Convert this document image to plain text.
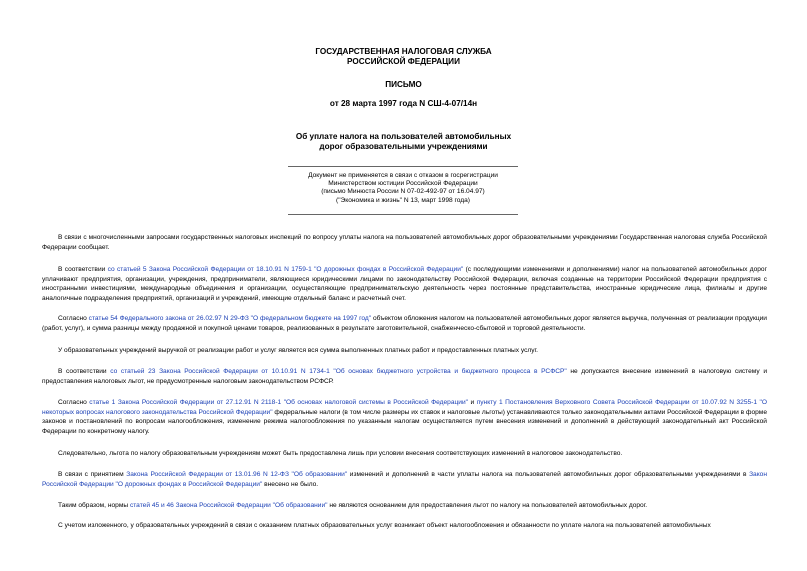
ГОСУДАРСТВЕННАЯ НАЛОГОВАЯ СЛУЖБА
РОССИЙСКОЙ ФЕДЕРАЦИИ
ПИСЬМО
от 28 марта 1997 года N СШ-4-07/14н
Об уплате налога на пользователей автомобильных
дорог образовательными учреждениями
Документ не применяется в связи с отказом в госрегистрации
Министерством юстиции Российской Федерации
(письмо Минюста России N 07-02-492-97 от 16.04.97)
("Экономика и жизнь" N 13, март 1998 года)

В связи с многочисленными запросами государственных налоговых инспекций по вопросу уплаты налога на пользователей автомобильных дорог образовательными учреждениями Государственная налоговая служба Российской Федерации сообщает.

В соответствии со статьей 5 Закона Российской Федерации от 18.10.91 N 1759-1 "О дорожных фондах в Российской Федерации" (с последующими изменениями и дополнениями) налог на пользователей автомобильных дорог уплачивают предприятия, организации, учреждения, предприниматели, являющиеся юридическими лицами по законодательству Российской Федерации, включая созданные на территории Российской Федерации предприятия с иностранными инвестициями, международные объединения и организации, осуществляющие предпринимательскую деятельность через постоянные представительства, иностранные юридические лица, филиалы и другие аналогичные подразделения предприятий, организаций и учреждений, имеющие отдельный баланс и расчетный счет.

Согласно статье 54 Федерального закона от 26.02.97 N 29-ФЗ "О федеральном бюджете на 1997 год" объектом обложения налогом на пользователей автомобильных дорог является выручка, полученная от реализации продукции (работ, услуг), и сумма разницы между продажной и покупной ценами товаров, реализованных в результате заготовительной, снабженческо-сбытовой и торговой деятельности.

У образовательных учреждений выручкой от реализации работ и услуг является вся сумма выполненных платных работ и предоставленных платных услуг.

В соответствии со статьей 23 Закона Российской Федерации от 10.10.91 N 1734-1 "Об основах бюджетного устройства и бюджетного процесса в РСФСР" не допускается внесение изменений в налоговую систему и предоставления налоговых льгот, не предусмотренные налоговым законодательством РСФСР.

Согласно статье 1 Закона Российской Федерации от 27.12.91 N 2118-1 "Об основах налоговой системы в Российской Федерации" и пункту 1 Постановления Верховного Совета Российской Федерации от 10.07.92 N 3255-1 "О некоторых вопросах налогового законодательства Российской Федерации" федеральные налоги (в том числе размеры их ставок и налоговые льготы) устанавливаются только законодательными актами Российской Федерации в форме законов и постановлений по вопросам налогообложения, изменение режима налогообложения по указанным налогам осуществляется путем внесения изменений и дополнений в действующий законодательный акт Российской Федерации по конкретному налогу.

Следовательно, льгота по налогу образовательным учреждениям может быть предоставлена лишь при условии внесения соответствующих изменений в налоговое законодательство.

В связи с принятием Закона Российской Федерации от 13.01.96 N 12-ФЗ "Об образовании" изменений и дополнений в части уплаты налога на пользователей автомобильных дорог образовательными учреждениями в Закон Российской Федерации "О дорожных фондах в Российской Федерации" внесено не было.

Таким образом, нормы статей 45 и 46 Закона Российской Федерации "Об образовании" не являются основанием для предоставления льгот по налогу на пользователей автомобильных дорог.

С учетом изложенного, у образовательных учреждений в связи с оказанием платных образовательных услуг возникает объект налогообложения и обязанности по уплате налога на пользователей автомобильных
